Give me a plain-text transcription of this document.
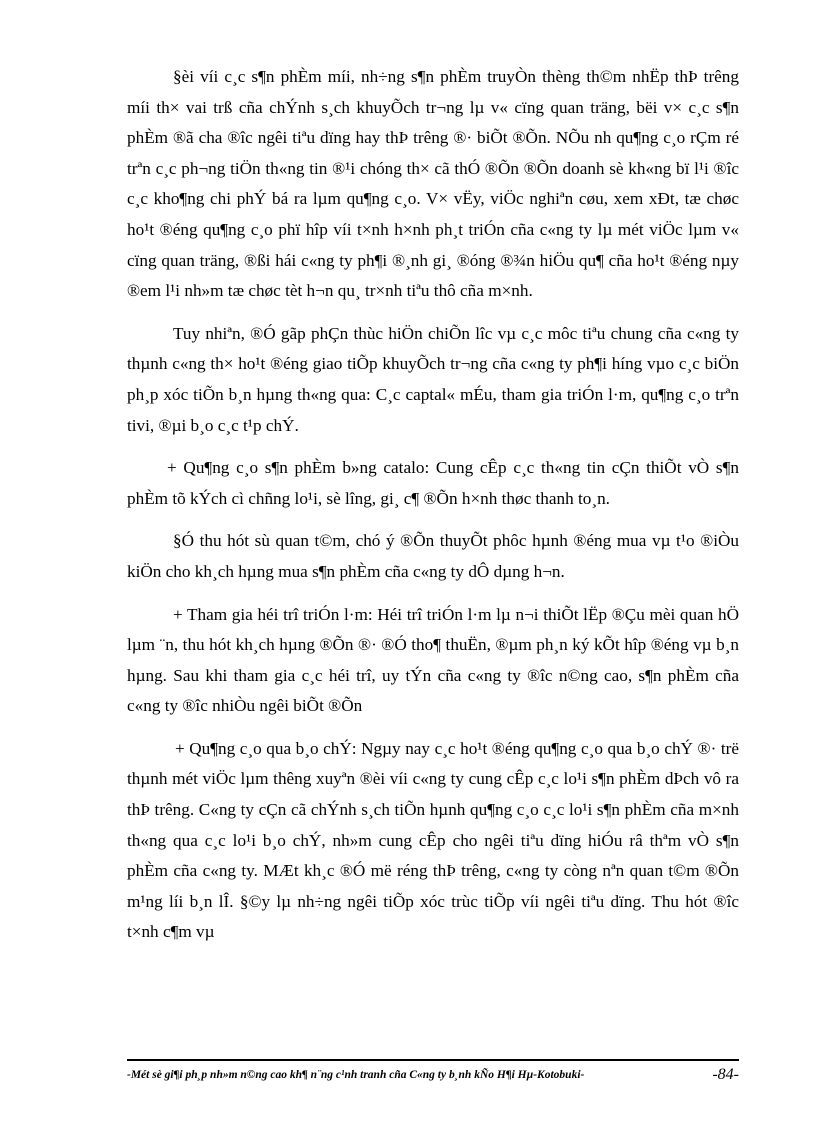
§èi víi c¸c s¶n phÈm míi, nh÷ng s¶n phÈm truyÒn thèng th©m nhËp thÞ trêng míi th× vai trß cña chÝnh s¸ch khuyÕch tr¬ng lµ v« cïng quan träng, bëi v× c¸c s¶n phÈm ®ã cha ®îc ngêi tiªu dïng hay thÞ trêng ®· biÕt ®Õn. NÕu nh qu¶ng c¸o rÇm ré trªn c¸c ph¬ng tiÖn th«ng tin ®¹i chóng th× cã thÓ ®Õn ®Õn doanh sè kh«ng bï l¹i ®îc c¸c kho¶ng chi phÝ bá ra lµm qu¶ng c¸o. V× vËy, viÖc nghiªn cøu, xem xÐt, tæ chøc ho¹t ®éng qu¶ng c¸o phï hîp víi t×nh h×nh ph¸t triÓn cña c«ng ty lµ mét viÖc lµm v« cïng quan träng, ®ßi hái c«ng ty ph¶i ®¸nh gi¸ ®óng ®¾n hiÖu qu¶ cña ho¹t ®éng nµy ®em l¹i nh»m tæ chøc tèt h¬n qu¸ tr×nh tiªu thô cña m×nh.

Tuy nhiªn, ®Ó gãp phÇn thùc hiÖn chiÕn lîc vµ c¸c môc tiªu chung cña c«ng ty thµnh c«ng th× ho¹t ®éng giao tiÕp khuyÕch tr¬ng cña c«ng ty ph¶i híng vµo c¸c biÖn ph¸p xóc tiÕn b¸n hµng th«ng qua: C¸c captal« mÉu, tham gia triÓn l·m, qu¶ng c¸o trªn tivi, ®µi b¸o c¸c t¹p chÝ.

+ Qu¶ng c¸o s¶n phÈm b»ng catalo: Cung cÊp c¸c th«ng tin cÇn thiÕt vÒ s¶n phÈm tõ kÝch cì chñng lo¹i, sè lîng, gi¸ c¶ ®Õn h×nh thøc thanh to¸n.

§Ó thu hót sù quan t©m, chó ý ®Õn thuyÕt phôc hµnh ®éng mua vµ t¹o ®iÒu kiÖn cho kh¸ch hµng mua s¶n phÈm cña c«ng ty dÔ dµng h¬n.

+ Tham gia héi trî triÓn l·m: Héi trî triÓn l·m lµ n¬i thiÕt lËp ®Çu mèi quan hÖ lµm ¨n, thu hót kh¸ch hµng ®Õn ®· ®Ó tho¶ thuËn, ®µm ph¸n ký kÕt hîp ®éng vµ b¸n hµng. Sau khi tham gia c¸c héi trî, uy tÝn cña c«ng ty ®îc n©ng cao, s¶n phÈm cña c«ng ty ®îc nhiÒu ngêi biÕt ®Õn

+ Qu¶ng c¸o qua b¸o chÝ: Ngµy nay c¸c ho¹t ®éng qu¶ng c¸o qua b¸o chÝ ®· trë thµnh mét viÖc lµm thêng xuyªn ®èi víi c«ng ty cung cÊp c¸c lo¹i s¶n phÈm dÞch vô ra thÞ trêng. C«ng ty cÇn cã chÝnh s¸ch tiÕn hµnh qu¶ng c¸o c¸c lo¹i s¶n phÈm cña m×nh th«ng qua c¸c lo¹i b¸o chÝ, nh»m cung cÊp cho ngêi tiªu dïng hiÓu râ thªm vÒ s¶n phÈm cña c«ng ty. MÆt kh¸c ®Ó më réng thÞ trêng, c«ng ty còng nªn quan t©m ®Õn m¹ng líi b¸n lÎ. §©y lµ nh÷ng ngêi tiÕp xóc trùc tiÕp víi ngêi tiªu dïng. Thu hót ®îc t×nh c¶m vµ

-Mét sè gi¶i ph¸p nh»m n©ng cao kh¶ n¨ng c¹nh tranh cña C«ng ty b¸nh kÑo H¶i Hµ-Kotobuki-	-84-
